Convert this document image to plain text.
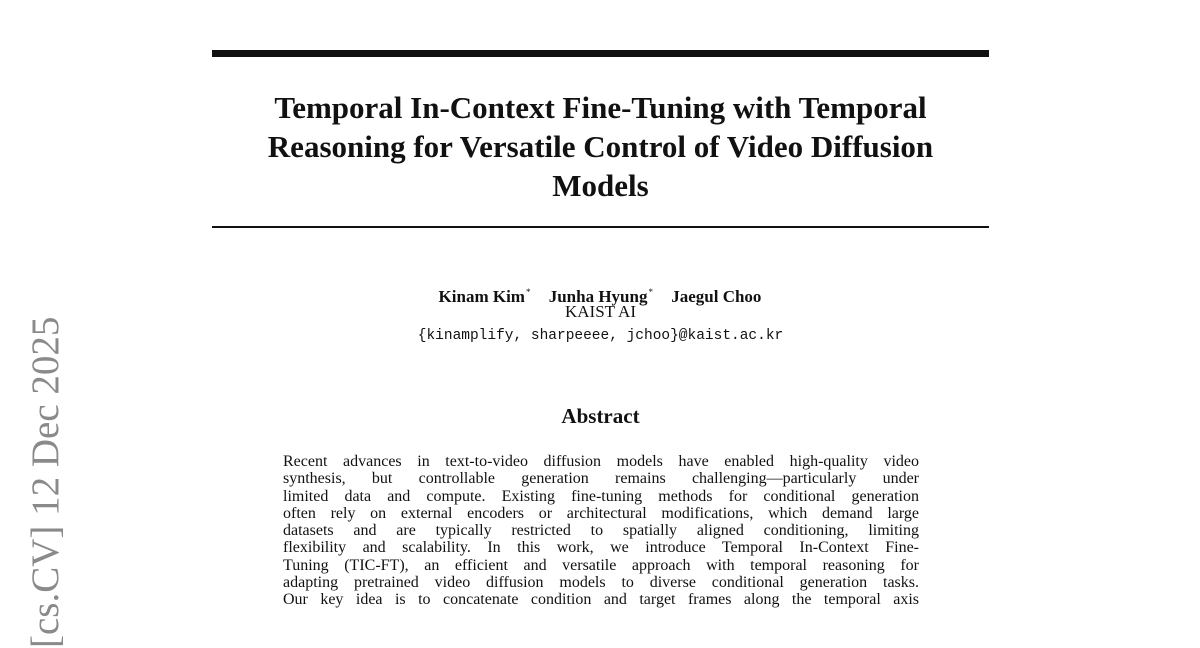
Temporal In-Context Fine-Tuning with Temporal
Reasoning for Versatile Control of Video Diffusion
Models
Kinam Kim* Junha Hyung* Jaegul Choo
KAIST AI
{kinamplify, sharpeeee, jchoo}@kaist.ac.kr
Abstract
Recent advances in text-to-video diffusion models have enabled high-quality video
synthesis, but controllable generation remains challenging—particularly under
limited data and compute. Existing fine-tuning methods for conditional generation
often rely on external encoders or architectural modifications, which demand large
datasets and are typically restricted to spatially aligned conditioning, limiting
flexibility and scalability. In this work, we introduce Temporal In-Context Fine-
Tuning (TIC-FT), an efficient and versatile approach with temporal reasoning for
adapting pretrained video diffusion models to diverse conditional generation tasks.
Our key idea is to concatenate condition and target frames along the temporal axis
[cs.CV] 12 Dec 2025
